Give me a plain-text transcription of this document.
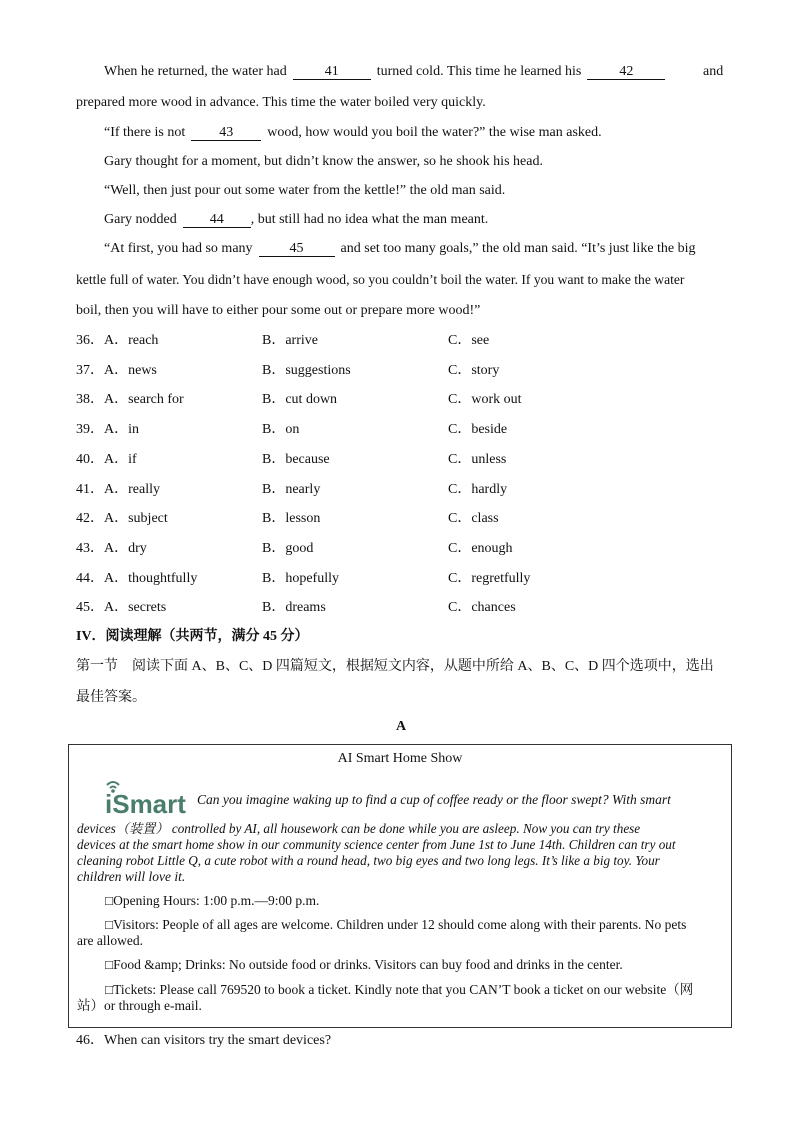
When he returned, the water had	41	turned cold. This time he learned his	42	and
prepared more wood in advance. This time the water boiled very quickly.
“If there is not 43 wood, how would you boil the water?” the wise man asked.
Gary thought for a moment, but didn’t know the answer, so he shook his head.
“Well, then just pour out some water from the kettle!” the old man said.
Gary nodded 44 , but still had no idea what the man meant.
“At first, you had so many	45	and set too many goals,” the old man said. “It’s just like the big
kettle full of water. You didn’t have enough wood, so you couldn’t boil the water. If you want to make the water
boil, then you will have to either pour some out or prepare more wood!”
36． A．reach	B．arrive	C．see
37． A．news	B．suggestions	C．story
38． A．search for	B．cut down	C．work out
39． A．in	B．on	C．beside
40． A．if	B．because	C．unless
41． A．really	B．nearly	C．hardly
42． A．subject	B．lesson	C．class
43． A．dry	B．good	C．enough
44． A．thoughtfully	B．hopefully	C．regretfully
45． A．secrets	B．dreams	C．chances
IV．阅读理解（共两节，满分 45 分）
第一节　阅读下面 A、B、C、D 四篇短文，根据短文内容，从题中所给 A、B、C、D 四个选项中，选出
最佳答案。
A
AI Smart Home Show
iSmart Can you imagine waking up to find a cup of coffee ready or the floor swept? With smart
devices（装置） controlled by AI, all housework can be done while you are asleep. Now you can try these
devices at the smart home show in our community science center from June 1st to June 14th. Children can try out
cleaning robot Little Q, a cute robot with a round head, two big eyes and two long legs. It’s like a big toy. Your
children will love it.
□Opening Hours: 1:00 p.m.—9:00 p.m.
□Visitors: People of all ages are welcome. Children under 12 should come along with their parents. No pets
are allowed.
□Food &amp; Drinks: No outside food or drinks. Visitors can buy food and drinks in the center.
□Tickets: Please call 769520 to book a ticket. Kindly note that you CAN’T book a ticket on our website（网
站）or through e-mail.
46．When can visitors try the smart devices?
